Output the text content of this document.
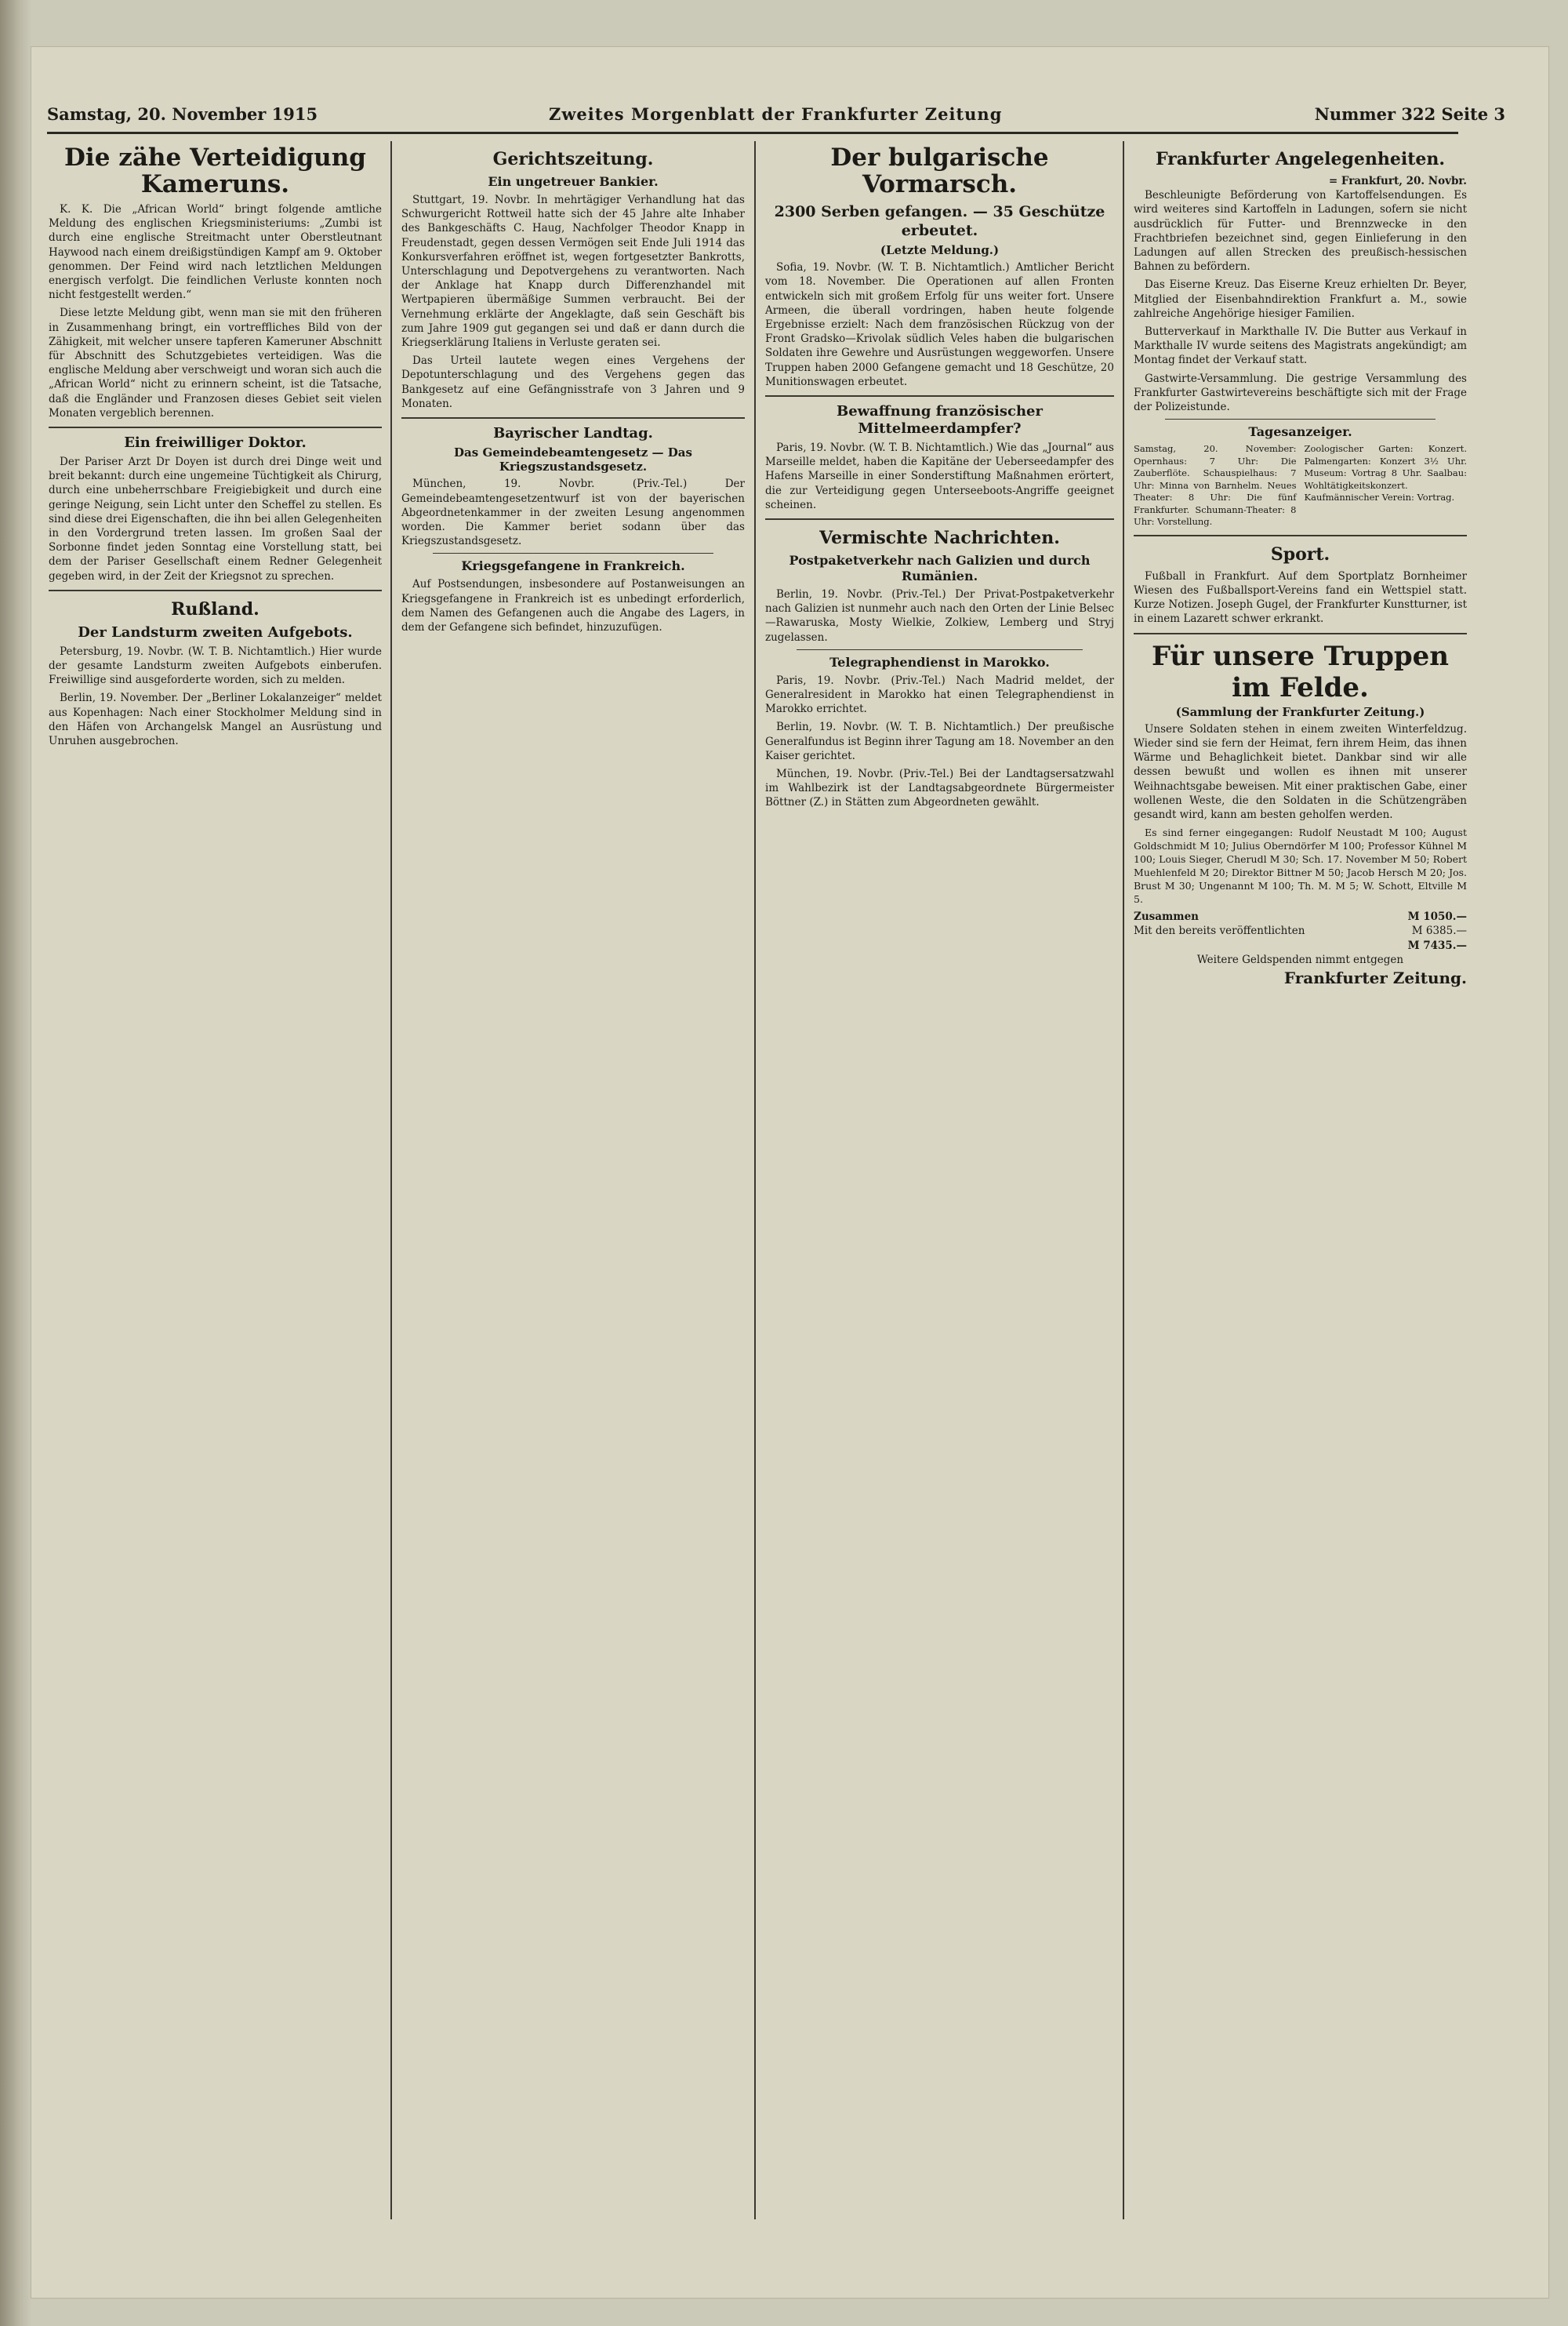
Samstag, 20. November 1915	Zweites Morgenblatt der Frankfurter Zeitung	Nummer 322 Seite 3
Die zähe Verteidigung Kameruns.

K. K. Die „African World“ bringt folgende amtliche Meldung des englischen Kriegsministeriums: „Zumbi ist durch eine englische Streitmacht unter Oberstleutnant Haywood nach einem dreißigstündigen Kampf am 9. Oktober genommen. Der Feind wird nach letztlichen Meldungen energisch verfolgt. Die feindlichen Verluste konnten noch nicht festgestellt werden.“

Diese letzte Meldung gibt, wenn man sie mit den früheren in Zusammenhang bringt, ein vortreffliches Bild von der Zähigkeit, mit welcher unsere tapferen Kameruner Abschnitt für Abschnitt des Schutzgebietes verteidigen. Was die englische Meldung aber verschweigt und woran sich auch die „African World“ nicht zu erinnern scheint, ist die Tatsache, daß die Engländer und Franzosen dieses Gebiet seit vielen Monaten vergeblich berennen.

Ein freiwilliger Doktor.

Der Pariser Arzt Dr Doyen ist durch drei Dinge weit und breit bekannt: durch eine ungemeine Tüchtigkeit als Chirurg, durch eine unbeherrschbare Freigiebigkeit und durch eine geringe Neigung, sein Licht unter den Scheffel zu stellen. Es sind diese drei Eigenschaften, die ihn bei allen Gelegenheiten in den Vordergrund treten lassen. Im großen Saal der Sorbonne findet jeden Sonntag eine Vorstellung statt, bei dem der Pariser Gesellschaft einem Redner Gelegenheit gegeben wird, in der Zeit der Kriegsnot zu sprechen.

Rußland.
Der Landsturm zweiten Aufgebots.

Petersburg, 19. Novbr. (W. T. B. Nichtamtlich.) Hier wurde der gesamte Landsturm zweiten Aufgebots einberufen. Freiwillige sind ausgeforderte worden, sich zu melden.

Berlin, 19. November. Der „Berliner Lokalanzeiger“ meldet aus Kopenhagen: Nach einer Stockholmer Meldung sind in den Häfen von Archangelsk Mangel an Ausrüstung und Unruhen ausgebrochen.

Gerichtszeitung.
Ein ungetreuer Bankier.

Stuttgart, 19. Novbr. In mehrtägiger Verhandlung hat das Schwurgericht Rottweil hatte sich der 45 Jahre alte Inhaber des Bankgeschäfts C. Haug, Nachfolger Theodor Knapp in Freudenstadt, gegen dessen Vermögen seit Ende Juli 1914 das Konkursverfahren eröffnet ist, wegen fortgesetzter Bankrotts, Unterschlagung und Depotvergehens zu verantworten. Nach der Anklage hat Knapp durch Differenzhandel mit Wertpapieren übermäßige Summen verbraucht. Bei der Vernehmung erklärte der Angeklagte, daß sein Geschäft bis zum Jahre 1909 gut gegangen sei und daß er dann durch die Kriegserklärung Italiens in Verluste geraten sei.

Das Urteil lautete wegen eines Vergehens der Depotunterschlagung und des Vergehens gegen das Bankgesetz auf eine Gefängnisstrafe von 3 Jahren und 9 Monaten.

Bayrischer Landtag.
Das Gemeindebeamtengesetz — Das Kriegszustandsgesetz.

München, 19. Novbr. (Priv.-Tel.) Der Gemeindebeamtengesetzentwurf ist von der bayerischen Abgeordnetenkammer in der zweiten Lesung angenommen worden. Die Kammer beriet sodann über das Kriegszustandsgesetz.

Kriegsgefangene in Frankreich.

Auf Postsendungen, insbesondere auf Postanweisungen an Kriegsgefangene in Frankreich ist es unbedingt erforderlich, dem Namen des Gefangenen auch die Angabe des Lagers, in dem der Gefangene sich befindet, hinzuzufügen.

Der bulgarische Vormarsch.
2300 Serben gefangen. — 35 Geschütze erbeutet.
(Letzte Meldung.)

Sofia, 19. Novbr. (W. T. B. Nichtamtlich.) Amtlicher Bericht vom 18. November. Die Operationen auf allen Fronten entwickeln sich mit großem Erfolg für uns weiter fort. Unsere Armeen, die überall vordringen, haben heute folgende Ergebnisse erzielt: Nach dem französischen Rückzug von der Front Gradsko—Krivolak südlich Veles haben die bulgarischen Soldaten ihre Gewehre und Ausrüstungen weggeworfen. Unsere Truppen haben 2000 Gefangene gemacht und 18 Geschütze, 20 Munitionswagen erbeutet.

Bewaffnung französischer Mittelmeerdampfer?

Paris, 19. Novbr. (W. T. B. Nichtamtlich.) Wie das „Journal“ aus Marseille meldet, haben die Kapitäne der Ueberseedampfer des Hafens Marseille in einer Sonderstiftung Maßnahmen erörtert, die zur Verteidigung gegen Unterseeboots-Angriffe geeignet scheinen.

Vermischte Nachrichten.
Postpaketverkehr nach Galizien und durch Rumänien.

Berlin, 19. Novbr. (Priv.-Tel.) Der Privat-Postpaketverkehr nach Galizien ist nunmehr auch nach den Orten der Linie Belsec—Rawaruska, Mosty Wielkie, Zolkiew, Lemberg und Stryj zugelassen.

Telegraphendienst in Marokko.

Paris, 19. Novbr. (Priv.-Tel.) Nach Madrid meldet, der Generalresident in Marokko hat einen Telegraphendienst in Marokko errichtet.

Berlin, 19. Novbr. (W. T. B. Nichtamtlich.) Der preußische Generalfundus ist Beginn ihrer Tagung am 18. November an den Kaiser gerichtet.

München, 19. Novbr. (Priv.-Tel.) Bei der Landtagsersatzwahl im Wahlbezirk ist der Landtagsabgeordnete Bürgermeister Böttner (Z.) in Stätten zum Abgeordneten gewählt.

Frankfurter Angelegenheiten.
= Frankfurt, 20. Novbr.

Beschleunigte Beförderung von Kartoffelsendungen. Es wird weiteres sind Kartoffeln in Ladungen, sofern sie nicht ausdrücklich für Futter- und Brennzwecke in den Frachtbriefen bezeichnet sind, gegen Einlieferung in den Ladungen auf allen Strecken des preußisch-hessischen Bahnen zu befördern.

Das Eiserne Kreuz. Das Eiserne Kreuz erhielten Dr. Beyer, Mitglied der Eisenbahndirektion Frankfurt a. M., sowie zahlreiche Angehörige hiesiger Familien.

Butterverkauf in Markthalle IV. Die Butter aus Verkauf in Markthalle IV wurde seitens des Magistrats angekündigt; am Montag findet der Verkauf statt.

Gastwirte-Versammlung. Die gestrige Versammlung des Frankfurter Gastwirtevereins beschäftigte sich mit der Frage der Polizeistunde.

Tagesanzeiger.
Samstag, 20. November: Opernhaus: 7 Uhr: Die Zauberflöte. Schauspielhaus: 7 Uhr: Minna von Barnhelm. Neues Theater: 8 Uhr: Die fünf Frankfurter. Schumann-Theater: 8 Uhr: Vorstellung.
Zoologischer Garten: Konzert. Palmengarten: Konzert 3½ Uhr. Museum: Vortrag 8 Uhr. Saalbau: Wohltätigkeitskonzert. Kaufmännischer Verein: Vortrag.
Sport.

Fußball in Frankfurt. Auf dem Sportplatz Bornheimer Wiesen des Fußballsport-Vereins fand ein Wettspiel statt. Kurze Notizen. Joseph Gugel, der Frankfurter Kunstturner, ist in einem Lazarett schwer erkrankt.

Für unsere Truppen im Felde.
(Sammlung der Frankfurter Zeitung.)

Unsere Soldaten stehen in einem zweiten Winterfeldzug. Wieder sind sie fern der Heimat, fern ihrem Heim, das ihnen Wärme und Behaglichkeit bietet. Dankbar sind wir alle dessen bewußt und wollen es ihnen mit unserer Weihnachtsgabe beweisen. Mit einer praktischen Gabe, einer wollenen Weste, die den Soldaten in die Schützengräben gesandt wird, kann am besten geholfen werden.

Es sind ferner eingegangen: Rudolf Neustadt M 100; August Goldschmidt M 10; Julius Oberndörfer M 100; Professor Kühnel M 100; Louis Sieger, Cherudl M 30; Sch. 17. November M 50; Robert Muehlenfeld M 20; Direktor Bittner M 50; Jacob Hersch M 20; Jos. Brust M 30; Ungenannt M 100; Th. M. M 5; W. Schott, Eltville M 5.

Zusammen	M 1050.—
Mit den bereits veröffentlichten	M 6385.—
M 7435.—

Weitere Geldspenden nimmt entgegen

Frankfurter Zeitung.
